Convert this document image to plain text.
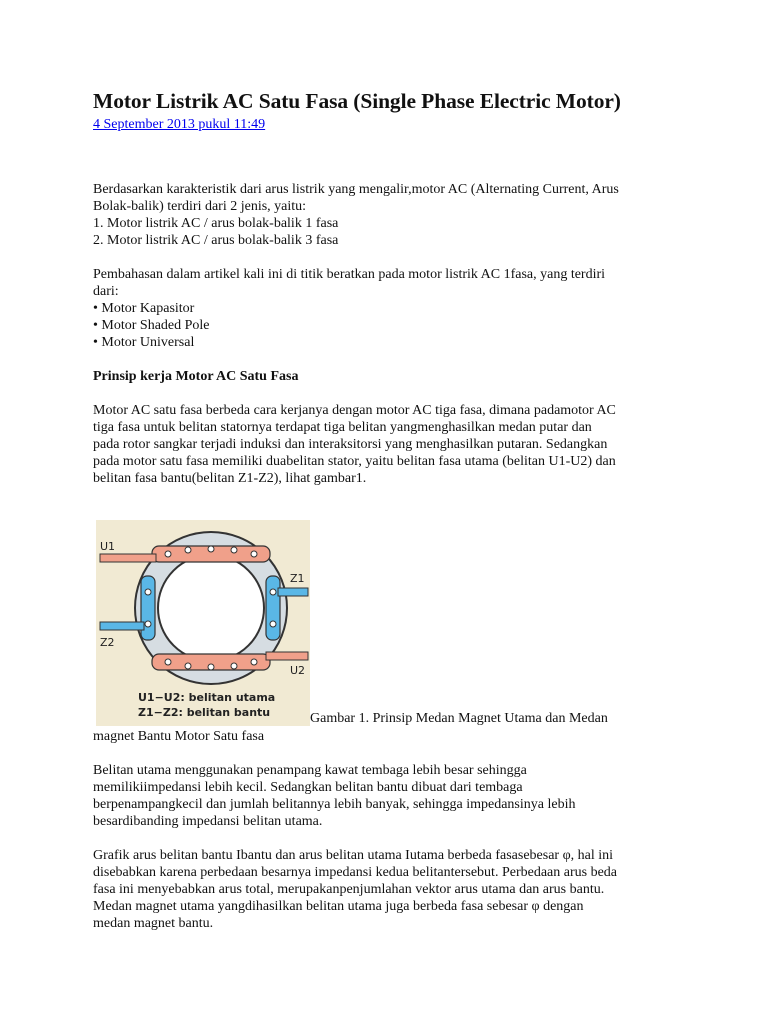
Motor Listrik AC Satu Fasa (Single Phase Electric Motor)
4 September 2013 pukul 11:49

Berdasarkan karakteristik dari arus listrik yang mengalir,motor AC (Alternating Current, Arus

Bolak-balik) terdiri dari 2 jenis, yaitu:

1. Motor listrik AC / arus bolak-balik 1 fasa

2. Motor listrik AC / arus bolak-balik 3 fasa

Pembahasan dalam artikel kali ini di titik beratkan pada motor listrik AC 1fasa, yang terdiri

dari:

• Motor Kapasitor

• Motor Shaded Pole

• Motor Universal

Prinsip kerja Motor AC Satu Fasa

Motor AC satu fasa berbeda cara kerjanya dengan motor AC tiga fasa, dimana padamotor AC

tiga fasa untuk belitan statornya terdapat tiga belitan yangmenghasilkan medan putar dan

pada rotor sangkar terjadi induksi dan interaksitorsi yang menghasilkan putaran. Sedangkan

pada motor satu fasa memiliki duabelitan stator, yaitu belitan fasa utama (belitan U1-U2) dan

belitan fasa bantu(belitan Z1-Z2), lihat gambar1.

U1
Z1
Z2
U2
U1−U2: belitan utama
Z1−Z2: belitan bantu	Gambar 1. Prinsip Medan Magnet Utama dan Medan

magnet Bantu Motor Satu fasa

Belitan utama menggunakan penampang kawat tembaga lebih besar sehingga

memilikiimpedansi lebih kecil. Sedangkan belitan bantu dibuat dari tembaga

berpenampangkecil dan jumlah belitannya lebih banyak, sehingga impedansinya lebih

besardibanding impedansi belitan utama.

Grafik arus belitan bantu Ibantu dan arus belitan utama Iutama berbeda fasasebesar φ, hal ini

disebabkan karena perbedaan besarnya impedansi kedua belitantersebut. Perbedaan arus beda

fasa ini menyebabkan arus total, merupakanpenjumlahan vektor arus utama dan arus bantu.

Medan magnet utama yangdihasilkan belitan utama juga berbeda fasa sebesar φ dengan

medan magnet bantu.
